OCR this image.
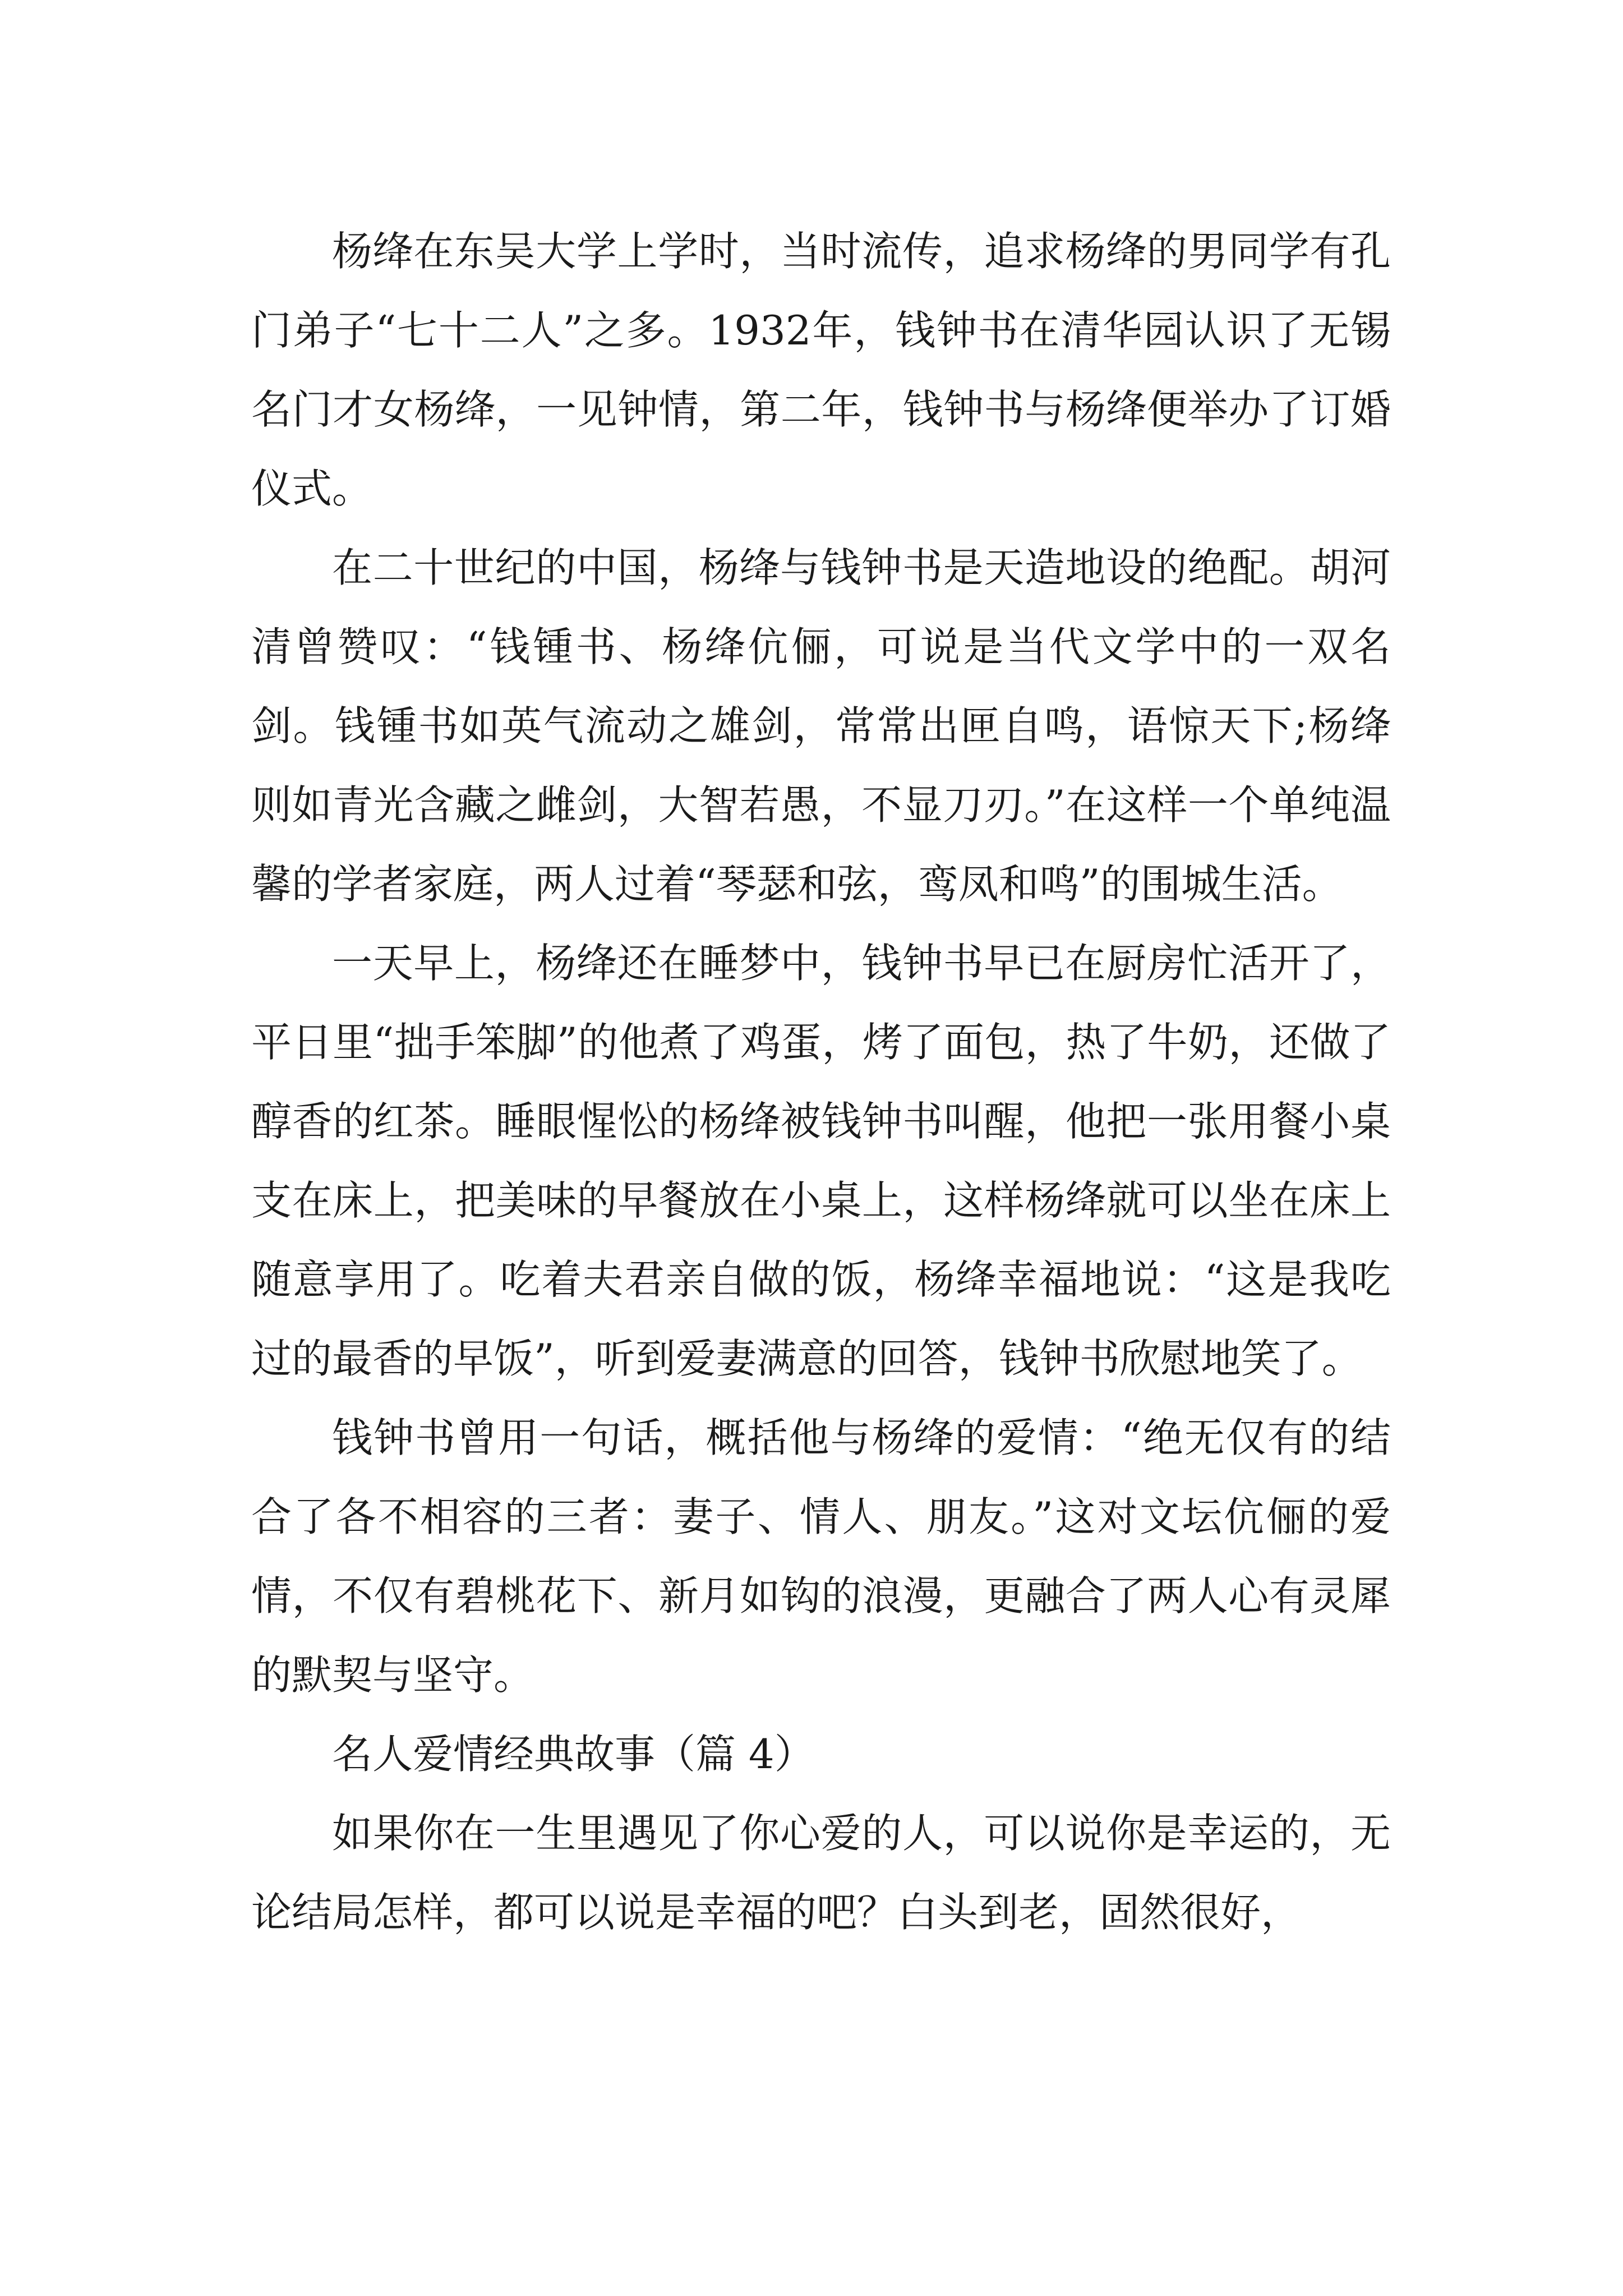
杨绛在东吴大学上学时，当时流传，追求杨绛的男同学有孔门弟子“七十二人”之多。1932年，钱钟书在清华园认识了无锡名门才女杨绛，一见钟情，第二年，钱钟书与杨绛便举办了订婚仪式。

在二十世纪的中国，杨绛与钱钟书是天造地设的绝配。胡河清曾赞叹：“钱锺书、杨绛伉俪，可说是当代文学中的一双名剑。钱锺书如英气流动之雄剑，常常出匣自鸣，语惊天下;杨绛则如青光含藏之雌剑，大智若愚，不显刀刃。”在这样一个单纯温馨的学者家庭，两人过着“琴瑟和弦，鸾凤和鸣”的围城生活。

一天早上，杨绛还在睡梦中，钱钟书早已在厨房忙活开了，平日里“拙手笨脚”的他煮了鸡蛋，烤了面包，热了牛奶，还做了醇香的红茶。睡眼惺忪的杨绛被钱钟书叫醒，他把一张用餐小桌支在床上，把美味的早餐放在小桌上，这样杨绛就可以坐在床上随意享用了。吃着夫君亲自做的饭，杨绛幸福地说：“这是我吃过的最香的早饭”，听到爱妻满意的回答，钱钟书欣慰地笑了。

钱钟书曾用一句话，概括他与杨绛的爱情：“绝无仅有的结合了各不相容的三者：妻子、情人、朋友。”这对文坛伉俪的爱情，不仅有碧桃花下、新月如钩的浪漫，更融合了两人心有灵犀的默契与坚守。

名人爱情经典故事（篇 4）

如果你在一生里遇见了你心爱的人，可以说你是幸运的，无论结局怎样，都可以说是幸福的吧？白头到老，固然很好，
